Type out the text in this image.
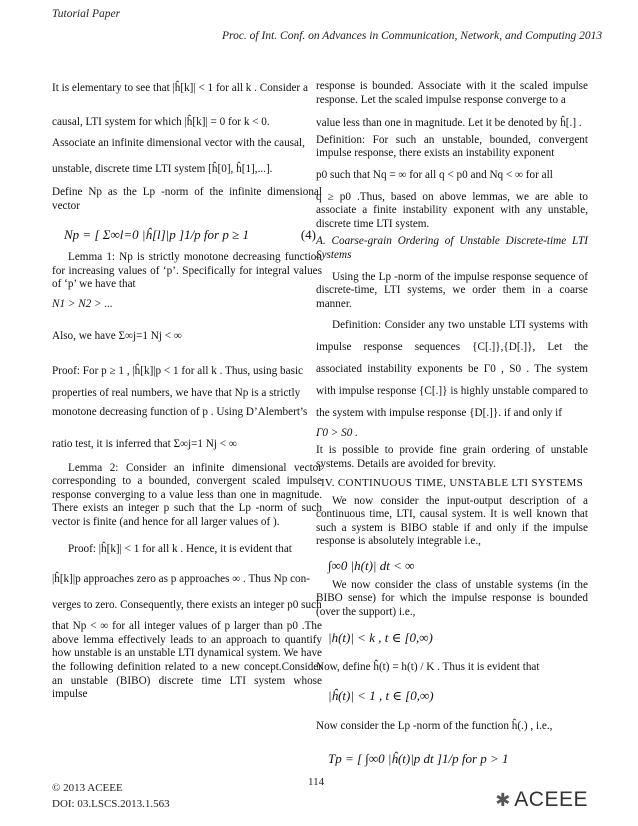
Tutorial Paper
Proc. of Int. Conf. on Advances in Communication, Network, and Computing 2013

It is elementary to see that |ĥ[k]| < 1 for all k . Consider a

causal, LTI system for which |ĥ[k]| = 0 for k < 0.

Associate an infinite dimensional vector with the causal,

unstable, discrete time LTI system [ĥ[0], ĥ[1],...].

Define Np as the Lp -norm of the infinite dimensional vector

Np = [ Σ∞l=0 |ĥ[l]|p ]1/p for p ≥ 1	(4)

Lemma 1: Np is strictly monotone decreasing function for increasing values of ‘p’. Specifically for integral values of ‘p’ we have that

N1 > N2 > ...

Also, we have Σ∞j=1 Nj < ∞

Proof: For p ≥ 1 , |ĥ[k]|p < 1 for all k . Thus, using basic

properties of real numbers, we have that Np is a strictly

monotone decreasing function of p . Using D’Alembert’s

ratio test, it is inferred that Σ∞j=1 Nj < ∞

Lemma 2: Consider an infinite dimensional vector corresponding to a bounded, convergent scaled impulse response converging to a value less than one in magnitude. There exists an integer p such that the Lp -norm of such vector is finite (and hence for all larger values of ).

Proof: |ĥ[k]| < 1 for all k . Hence, it is evident that

|ĥ[k]|p approaches zero as p approaches ∞ . Thus Np con-

verges to zero. Consequently, there exists an integer p0 such

that Np < ∞ for all integer values of p larger than p0 .The above lemma effectively leads to an approach to quantify how unstable is an unstable LTI dynamical system. We have the following definition related to a new concept.Consider an unstable (BIBO) discrete time LTI system whose impulse

response is bounded. Associate with it the scaled impulse response. Let the scaled impulse response converge to a

value less than one in magnitude. Let it be denoted by ĥ[.] .

Definition: For such an unstable, bounded, convergent impulse response, there exists an instability exponent

p0 such that Nq = ∞ for all q < p0 and Nq < ∞ for all

q ≥ p0 .Thus, based on above lemmas, we are able to associate a finite instability exponent with any unstable, discrete time LTI system.

A. Coarse-grain Ordering of Unstable Discrete-time LTI Systems

Using the Lp -norm of the impulse response sequence of discrete-time, LTI systems, we order them in a coarse manner.

Definition: Consider any two unstable LTI systems with impulse response sequences {C[.]},{D[.]}, Let the associated instability exponents be Γ0 , S0 . The system with impulse response {C[.]} is highly unstable compared to the system with impulse response {D[.]}. if and only if

Γ0 > S0 .

It is possible to provide fine grain ordering of unstable systems. Details are avoided for brevity.

IV. CONTINUOUS TIME, UNSTABLE LTI SYSTEMS

We now consider the input-output description of a continuous time, LTI, causal system. It is well known that such a system is BIBO stable if and only if the impulse response is absolutely integrable i.e.,

∫∞0 |h(t)| dt < ∞

We now consider the class of unstable systems (in the BIBO sense) for which the impulse response is bounded (over the support) i.e.,

|h(t)| < k , t ∈ [0,∞)

Now, define ĥ(t) = h(t) / K . Thus it is evident that

|ĥ(t)| < 1 , t ∈ [0,∞)

Now consider the Lp -norm of the function ĥ(.) , i.e.,

Tp = [ ∫∞0 |ĥ(t)|p dt ]1/p for p > 1
© 2013 ACEEE
DOI: 03.LSCS.2013.1.563
114
✱ ACEEE
